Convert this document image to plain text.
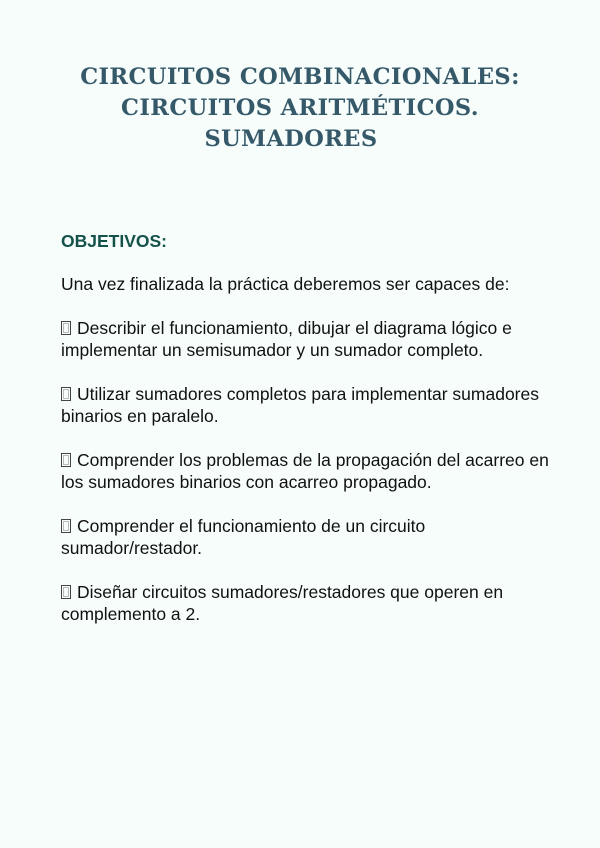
CIRCUITOS COMBINACIONALES:
CIRCUITOS ARITMÉTICOS.
SUMADORES
OBJETIVOS:
Una vez finalizada la práctica deberemos ser capaces de:
Describir el funcionamiento, dibujar el diagrama lógico e implementar un semisumador y un sumador completo.
Utilizar sumadores completos para implementar sumadores binarios en paralelo.
Comprender los problemas de la propagación del acarreo en los sumadores binarios con acarreo propagado.
Comprender el funcionamiento de un circuito sumador/restador.
Diseñar circuitos sumadores/restadores que operen en complemento a 2.
